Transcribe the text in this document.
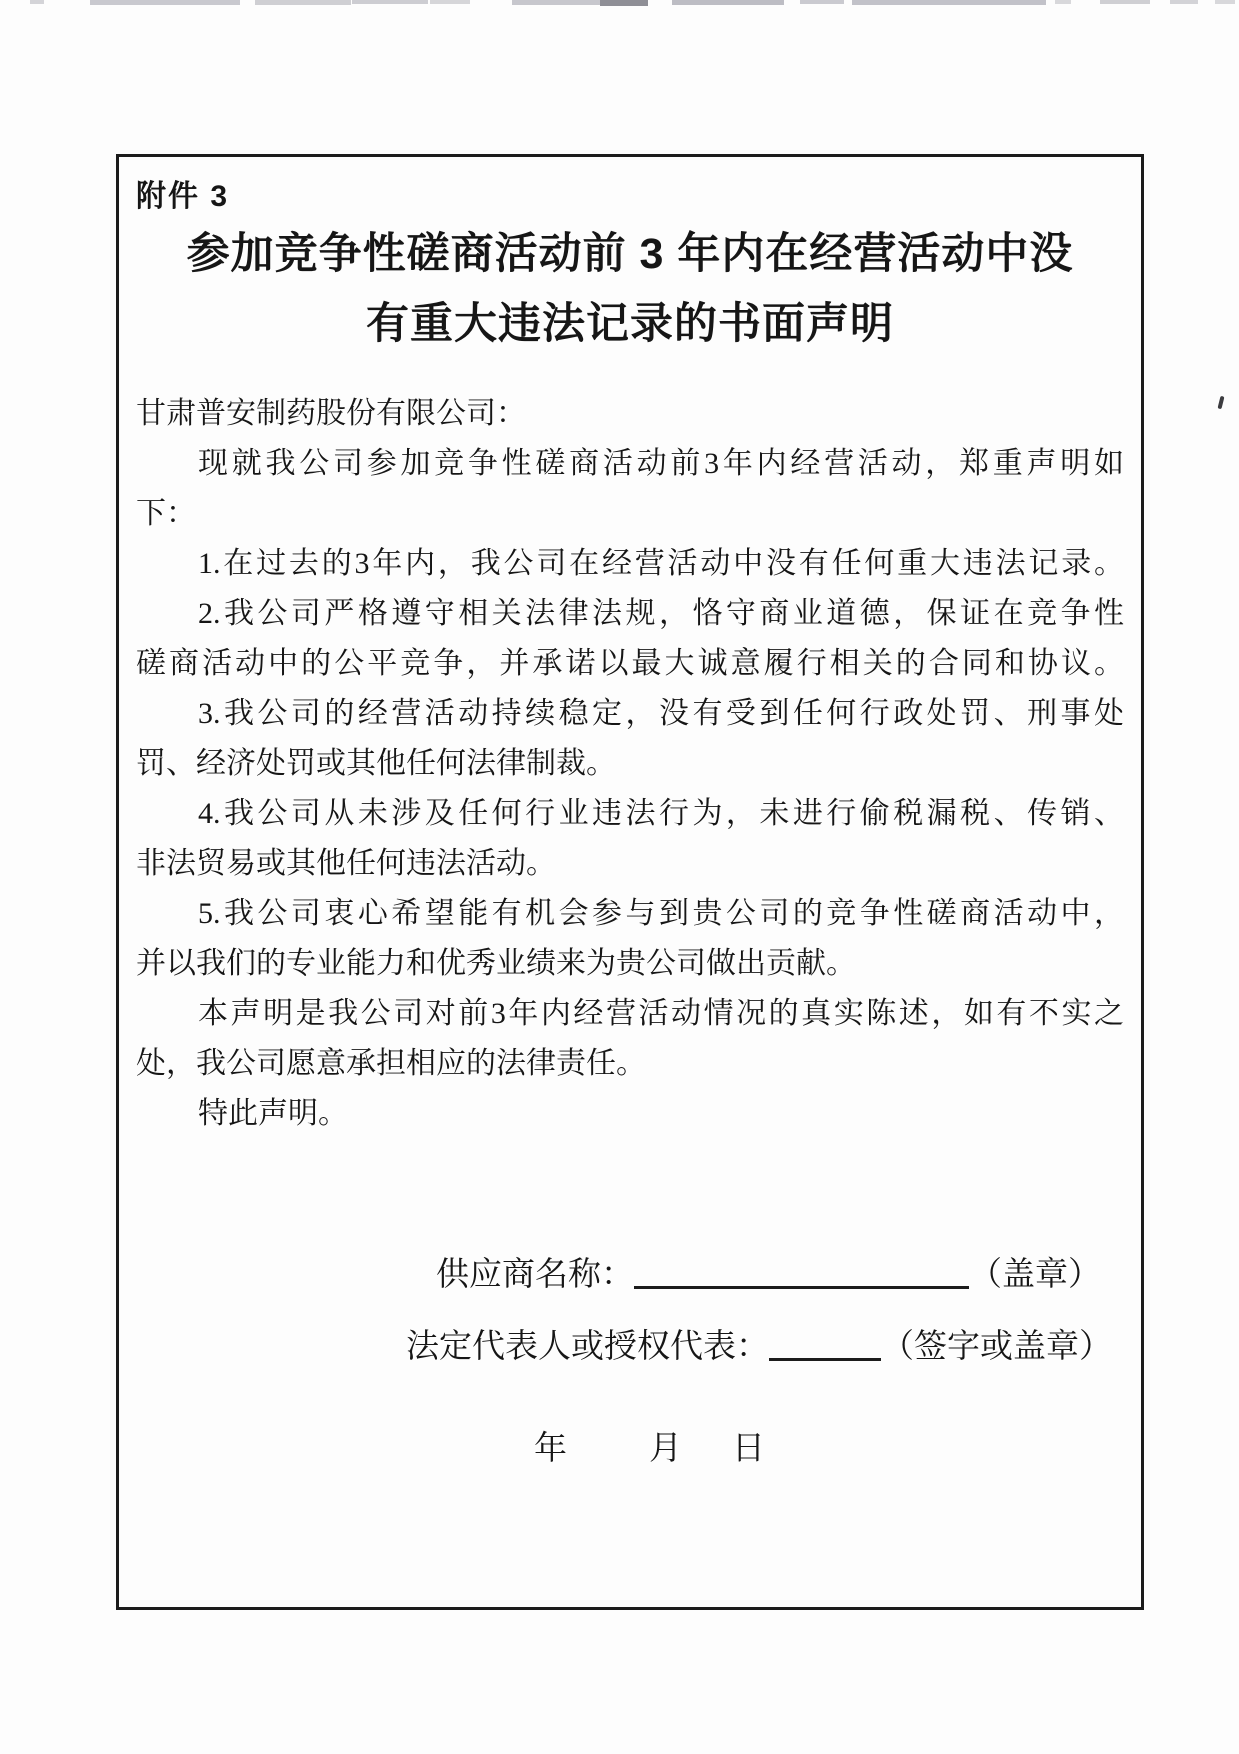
附件 3
参加竞争性磋商活动前 3 年内在经营活动中没
有重大违法记录的书面声明
甘肃普安制药股份有限公司：
现就我公司参加竞争性磋商活动前3年内经营活动，郑重声明如
下：
1.在过去的3年内，我公司在经营活动中没有任何重大违法记录。
2.我公司严格遵守相关法律法规，恪守商业道德，保证在竞争性
磋商活动中的公平竞争，并承诺以最大诚意履行相关的合同和协议。
3.我公司的经营活动持续稳定，没有受到任何行政处罚、刑事处
罚、经济处罚或其他任何法律制裁。
4.我公司从未涉及任何行业违法行为，未进行偷税漏税、传销、
非法贸易或其他任何违法活动。
5.我公司衷心希望能有机会参与到贵公司的竞争性磋商活动中，
并以我们的专业能力和优秀业绩来为贵公司做出贡献。
本声明是我公司对前3年内经营活动情况的真实陈述，如有不实之
处，我公司愿意承担相应的法律责任。
特此声明。
供应商名称：	（盖章）
法定代表人或授权代表：	（签字或盖章）
年 月 日
